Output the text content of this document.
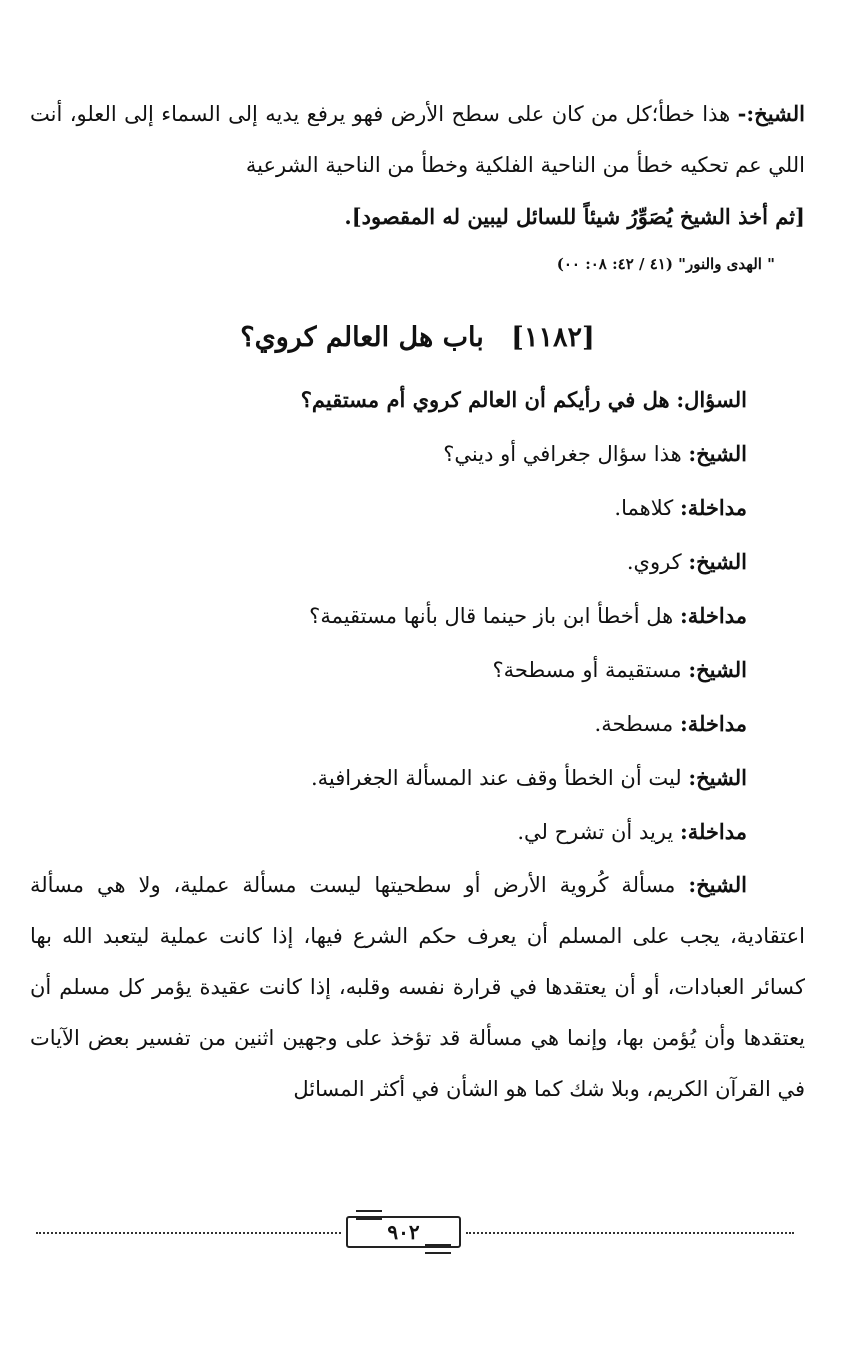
الشيخ:- هذا خطأ؛كل من كان على سطح الأرض فهو يرفع يديه إلى السماء إلى العلو، أنت اللي عم تحكيه خطأ من الناحية الفلكية وخطأ من الناحية الشرعية
[ثم أخذ الشيخ يُصَوِّرُ شيئاً للسائل ليبين له المقصود].

" الهدى والنور" (٤١ / ٤٢: ٠٨: ٠٠)
[١١٨٢] باب هل العالم كروي؟
السؤال: هل في رأيكم أن العالم كروي أم مستقيم؟
الشيخ: هذا سؤال جغرافي أو ديني؟
مداخلة: كلاهما.
الشيخ: كروي.
مداخلة: هل أخطأ ابن باز حينما قال بأنها مستقيمة؟
الشيخ: مستقيمة أو مسطحة؟
مداخلة: مسطحة.
الشيخ: ليت أن الخطأ وقف عند المسألة الجغرافية.
مداخلة: يريد أن تشرح لي.

الشيخ: مسألة كُروية الأرض أو سطحيتها ليست مسألة عملية، ولا هي مسألة اعتقادية، يجب على المسلم أن يعرف حكم الشرع فيها، إذا كانت عملية ليتعبد الله بها كسائر العبادات، أو أن يعتقدها في قرارة نفسه وقلبه، إذا كانت عقيدة يؤمر كل مسلم أن يعتقدها وأن يُؤمن بها، وإنما هي مسألة قد تؤخذ على وجهين اثنين من تفسير بعض الآيات في القرآن الكريم، وبلا شك كما هو الشأن في أكثر المسائل

٩٠٢
